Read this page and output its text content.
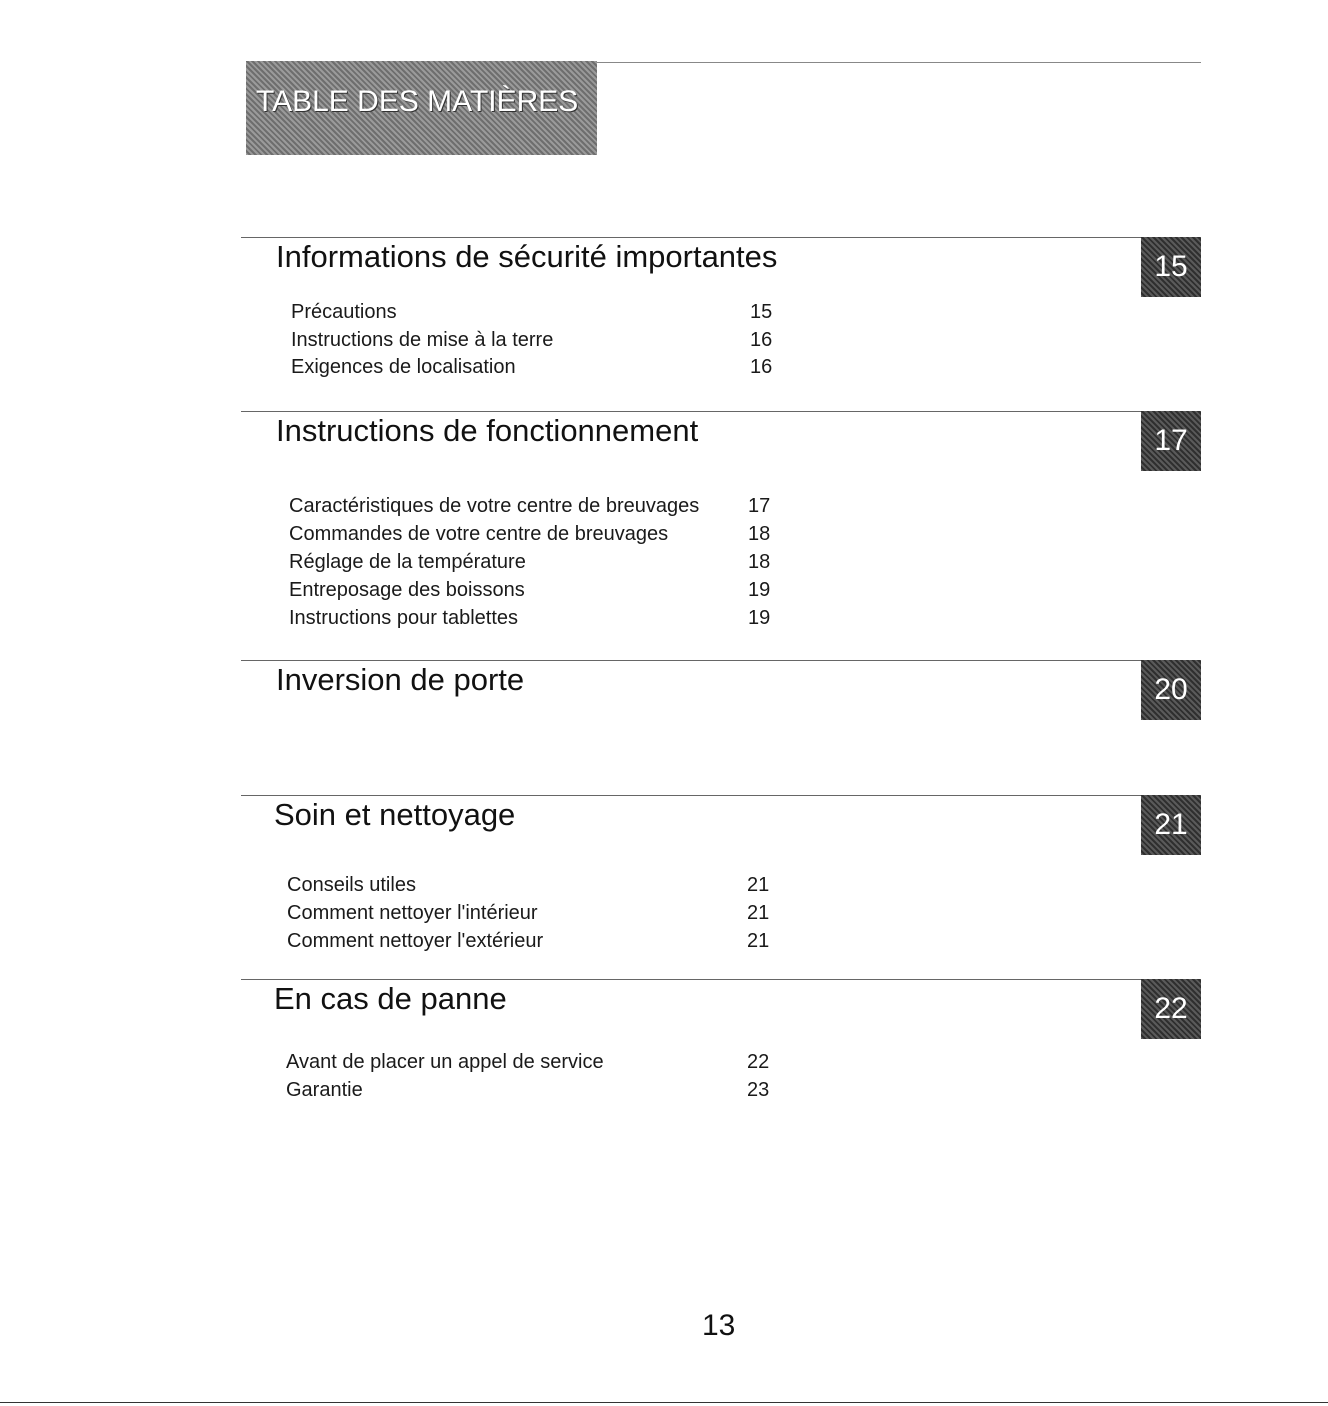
TABLE DES MATIÈRES
Informations de sécurité importantes	15
Précautions	15
Instructions de mise à la terre	16
Exigences de localisation	16
Instructions de fonctionnement	17
Caractéristiques de votre centre de breuvages 17
Commandes de votre centre de breuvages	18
Réglage de la température	18
Entreposage des boissons	19
Instructions pour tablettes	19
Inversion de porte	20
Soin et nettoyage	21
Conseils utiles	21
Comment nettoyer l'intérieur	21
Comment nettoyer l'extérieur	21
En cas de panne	22
Avant de placer un appel de service	22
Garantie	23
13
